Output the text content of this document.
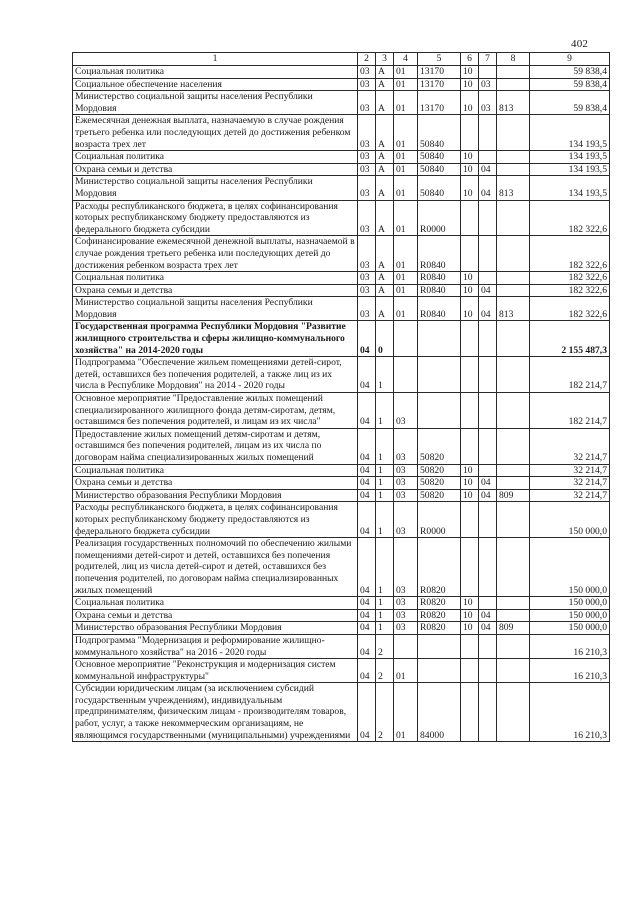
402
1	2	3	4	5	6	7	8	9
Социальная политика	03	А	01	13170	10			59 838,4
Социальное обеспечение населения	03	А	01	13170	10	03		59 838,4
Министерство социальной защиты населения Республики Мордовия	03	А	01	13170	10	03	813	59 838,4
Ежемесячная денежная выплата, назначаемую в случае рождения третьего ребенка или последующих детей до достижения ребенком возраста трех лет	03	А	01	50840				134 193,5
Социальная политика	03	А	01	50840	10			134 193,5
Охрана семьи и детства	03	А	01	50840	10	04		134 193,5
Министерство социальной защиты населения Республики Мордовия	03	А	01	50840	10	04	813	134 193,5
Расходы республиканского бюджета, в целях софинансирования которых республиканскому бюджету предоставляются из федерального бюджета субсидии	03	А	01	R0000				182 322,6
Софинансирование ежемесячной денежной выплаты, назначаемой в случае рождения третьего ребенка или последующих детей до достижения ребенком возраста трех лет	03	А	01	R0840				182 322,6
Социальная политика	03	А	01	R0840	10			182 322,6
Охрана семьи и детства	03	А	01	R0840	10	04		182 322,6
Министерство социальной защиты населения Республики Мордовия	03	А	01	R0840	10	04	813	182 322,6
Государственная программа Республики Мордовия "Развитие жилищного строительства и сферы жилищно-коммунального хозяйства" на 2014-2020 годы	04	0						2 155 487,3
Подпрограмма "Обеспечение жильем помещениями детей-сирот, детей, оставшихся без попечения родителей, а также лиц из их числа в Республике Мордовия" на 2014 - 2020 годы	04	1						182 214,7
Основное мероприятие "Предоставление жилых помещений специализированного жилищного фонда детям-сиротам, детям, оставшимся без попечения родителей, и лицам из их числа"	04	1	03					182 214,7
Предоставление жилых помещений детям-сиротам и детям, оставшимся без попечения родителей, лицам из их числа по договорам найма специализированных жилых помещений	04	1	03	50820				32 214,7
Социальная политика	04	1	03	50820	10			32 214,7
Охрана семьи и детства	04	1	03	50820	10	04		32 214,7
Министерство образования Республики Мордовия	04	1	03	50820	10	04	809	32 214,7
Расходы республиканского бюджета, в целях софинансирования которых республиканскому бюджету предоставляются из федерального бюджета субсидии	04	1	03	R0000				150 000,0
Реализация государственных полномочий по обеспечению жилыми помещениями детей-сирот и детей, оставшихся без попечения родителей, лиц из числа детей-сирот и детей, оставшихся без попечения родителей, по договорам найма специализированных жилых помещений	04	1	03	R0820				150 000,0
Социальная политика	04	1	03	R0820	10			150 000,0
Охрана семьи и детства	04	1	03	R0820	10	04		150 000,0
Министерство образования Республики Мордовия	04	1	03	R0820	10	04	809	150 000,0
Подпрограмма "Модернизация и реформирование жилищно-коммунального хозяйства" на 2016 - 2020 годы	04	2						16 210,3
Основное мероприятие "Реконструкция и модернизация систем коммунальной инфраструктуры"	04	2	01					16 210,3
Субсидии юридическим лицам (за исключением субсидий государственным учреждениям), индивидуальным предпринимателям, физическим лицам - производителям товаров, работ, услуг, а также некоммерческим организациям, не являющимся государственными (муниципальными) учреждениями	04	2	01	84000				16 210,3
